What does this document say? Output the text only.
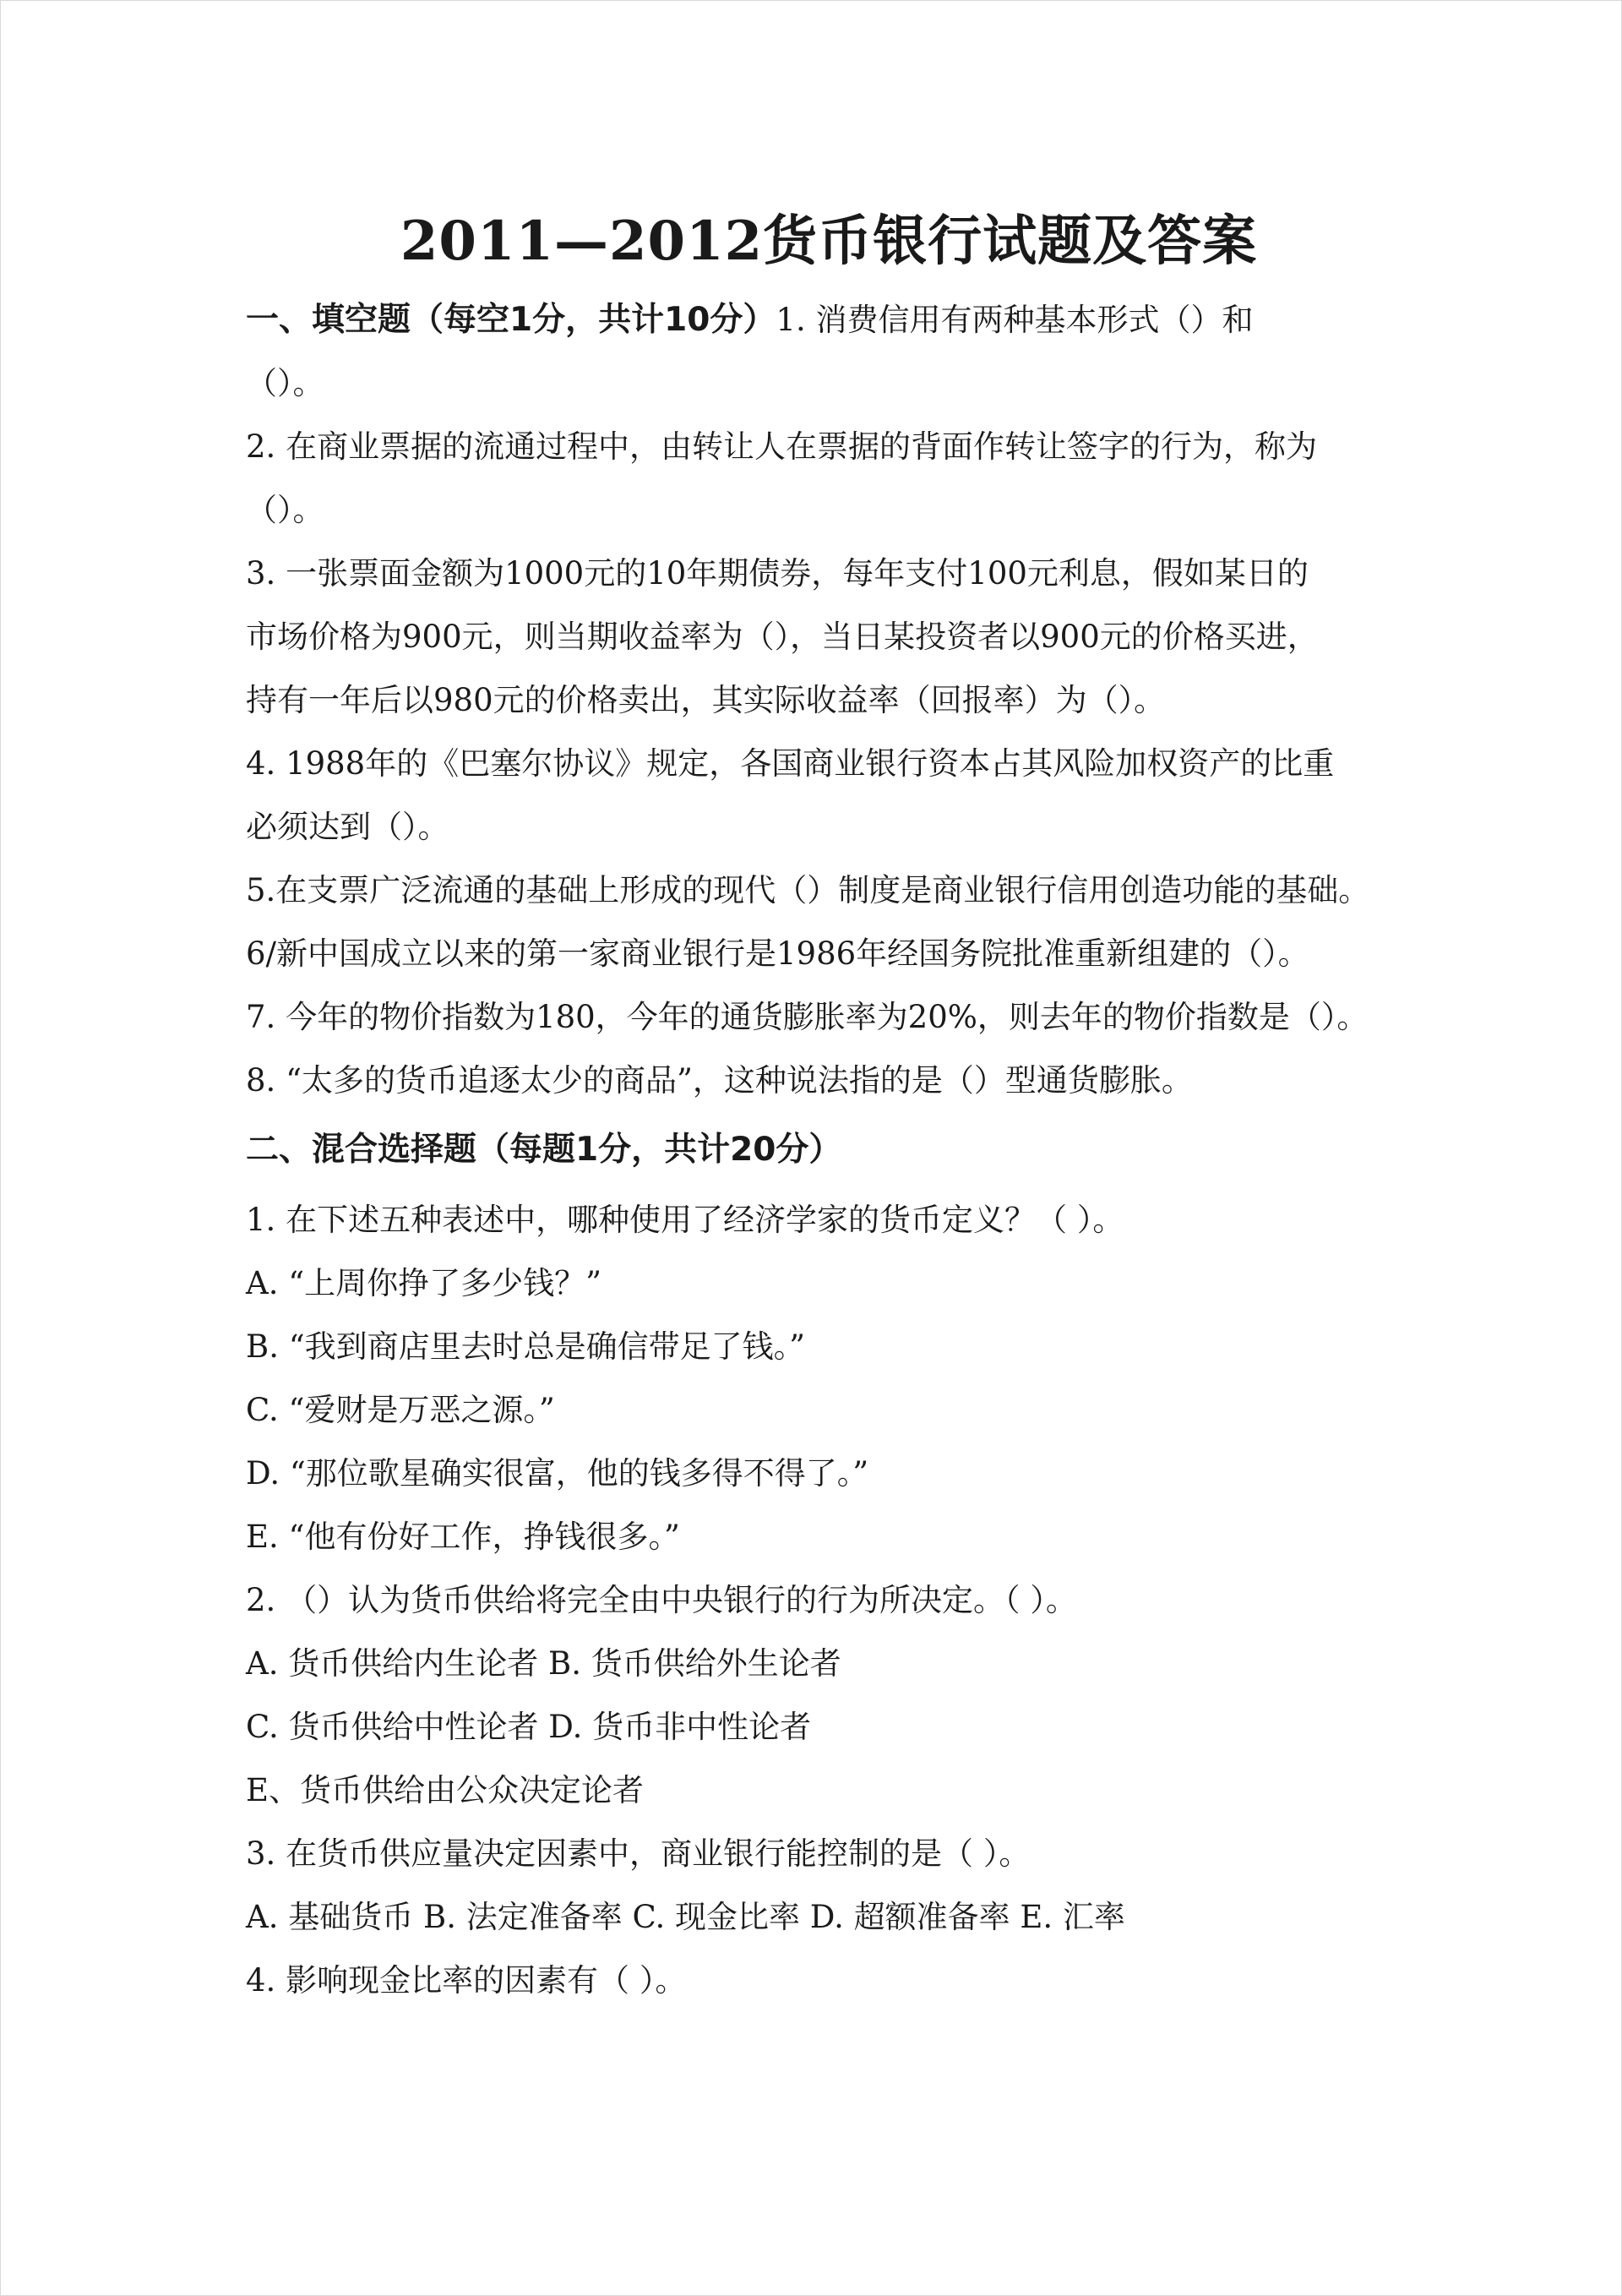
2011—2012货币银行试题及答案

一、填空题（每空1分，共计10分）1. 消费信用有两种基本形式（）和

（）。

2. 在商业票据的流通过程中，由转让人在票据的背面作转让签字的行为，称为

（）。

3. 一张票面金额为1000元的10年期债券，每年支付100元利息，假如某日的

市场价格为900元，则当期收益率为（），当日某投资者以900元的价格买进，

持有一年后以980元的价格卖出，其实际收益率（回报率）为（）。

4. 1988年的《巴塞尔协议》规定，各国商业银行资本占其风险加权资产的比重

必须达到（）。

5.在支票广泛流通的基础上形成的现代（）制度是商业银行信用创造功能的基础。

6/新中国成立以来的第一家商业银行是1986年经国务院批准重新组建的（）。

7. 今年的物价指数为180，今年的通货膨胀率为20%，则去年的物价指数是（）。

8. “太多的货币追逐太少的商品”，这种说法指的是（）型通货膨胀。

二、混合选择题（每题1分，共计20分）

1. 在下述五种表述中，哪种使用了经济学家的货币定义？（ ）。

A. “上周你挣了多少钱？”

B. “我到商店里去时总是确信带足了钱。”

C. “爱财是万恶之源。”

D. “那位歌星确实很富，他的钱多得不得了。”

E. “他有份好工作，挣钱很多。”

2. （）认为货币供给将完全由中央银行的行为所决定。（ ）。

A. 货币供给内生论者 B. 货币供给外生论者

C. 货币供给中性论者 D. 货币非中性论者

E、货币供给由公众决定论者

3. 在货币供应量决定因素中，商业银行能控制的是（ ）。

A. 基础货币 B. 法定准备率 C. 现金比率 D. 超额准备率 E. 汇率

4. 影响现金比率的因素有（ ）。
